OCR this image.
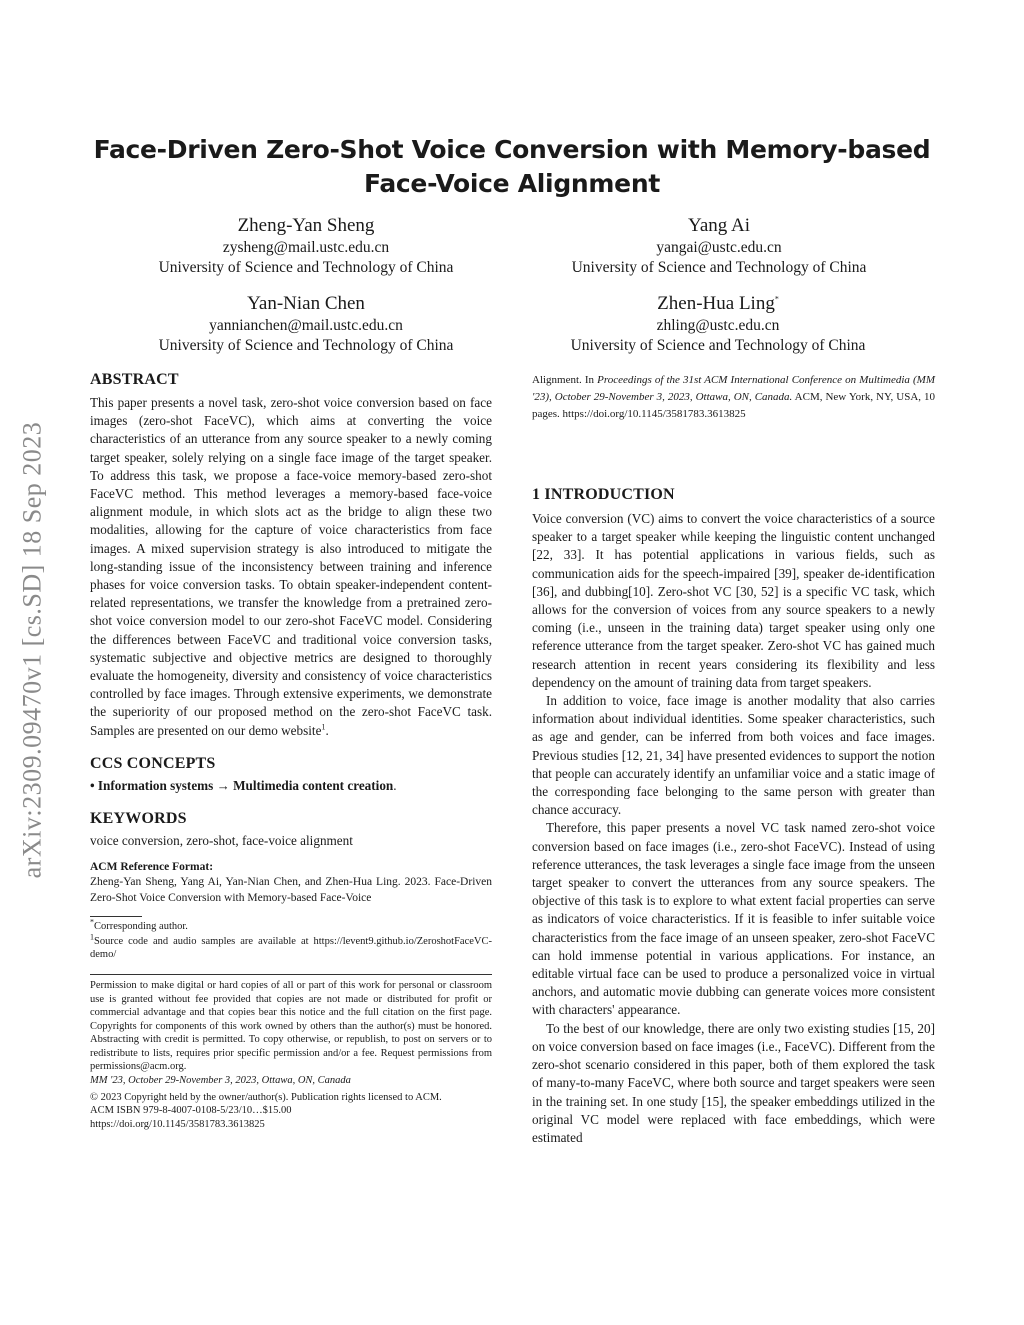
arXiv:2309.09470v1 [cs.SD] 18 Sep 2023
Face-Driven Zero-Shot Voice Conversion with Memory-based
Face-Voice Alignment
Zheng-Yan Sheng
zysheng@mail.ustc.edu.cn
University of Science and Technology of China
Yang Ai
yangai@ustc.edu.cn
University of Science and Technology of China
Yan-Nian Chen
yannianchen@mail.ustc.edu.cn
University of Science and Technology of China
Zhen-Hua Ling*
zhling@ustc.edu.cn
University of Science and Technology of China
ABSTRACT

This paper presents a novel task, zero-shot voice conversion based on face images (zero-shot FaceVC), which aims at converting the voice characteristics of an utterance from any source speaker to a newly coming target speaker, solely relying on a single face image of the target speaker. To address this task, we propose a face-voice memory-based zero-shot FaceVC method. This method leverages a memory-based face-voice alignment module, in which slots act as the bridge to align these two modalities, allowing for the capture of voice characteristics from face images. A mixed supervision strategy is also introduced to mitigate the long-standing issue of the inconsistency between training and inference phases for voice conversion tasks. To obtain speaker-independent content-related representations, we transfer the knowledge from a pretrained zero-shot voice conversion model to our zero-shot FaceVC model. Considering the differences between FaceVC and traditional voice conversion tasks, systematic subjective and objective metrics are designed to thoroughly evaluate the homogeneity, diversity and consistency of voice characteristics controlled by face images. Through extensive experiments, we demonstrate the superiority of our proposed method on the zero-shot FaceVC task. Samples are presented on our demo website$^1$.

CCS CONCEPTS

• Information systems → Multimedia content creation.

KEYWORDS

voice conversion, zero-shot, face-voice alignment

ACM Reference Format:

Zheng-Yan Sheng, Yang Ai, Yan-Nian Chen, and Zhen-Hua Ling. 2023. Face-Driven Zero-Shot Voice Conversion with Memory-based Face-Voice

*Corresponding author.

$^1$Source code and audio samples are available at https://levent9.github.io/ZeroshotFaceVC-demo/

Permission to make digital or hard copies of all or part of this work for personal or classroom use is granted without fee provided that copies are not made or distributed for profit or commercial advantage and that copies bear this notice and the full citation on the first page. Copyrights for components of this work owned by others than the author(s) must be honored. Abstracting with credit is permitted. To copy otherwise, or republish, to post on servers or to redistribute to lists, requires prior specific permission and/or a fee. Request permissions from permissions@acm.org.

MM '23, October 29-November 3, 2023, Ottawa, ON, Canada

© 2023 Copyright held by the owner/author(s). Publication rights licensed to ACM.

ACM ISBN 979-8-4007-0108-5/23/10…$15.00

https://doi.org/10.1145/3581783.3613825

Alignment. In Proceedings of the 31st ACM International Conference on Multimedia (MM '23), October 29-November 3, 2023, Ottawa, ON, Canada. ACM, New York, NY, USA, 10 pages. https://doi.org/10.1145/3581783.3613825

1 INTRODUCTION

Voice conversion (VC) aims to convert the voice characteristics of a source speaker to a target speaker while keeping the linguistic content unchanged [22, 33]. It has potential applications in various fields, such as communication aids for the speech-impaired [39], speaker de-identification [36], and dubbing[10]. Zero-shot VC [30, 52] is a specific VC task, which allows for the conversion of voices from any source speakers to a newly coming (i.e., unseen in the training data) target speaker using only one reference utterance from the target speaker. Zero-shot VC has gained much research attention in recent years considering its flexibility and less dependency on the amount of training data from target speakers.

In addition to voice, face image is another modality that also carries information about individual identities. Some speaker characteristics, such as age and gender, can be inferred from both voices and face images. Previous studies [12, 21, 34] have presented evidences to support the notion that people can accurately identify an unfamiliar voice and a static image of the corresponding face belonging to the same person with greater than chance accuracy.

Therefore, this paper presents a novel VC task named zero-shot voice conversion based on face images (i.e., zero-shot FaceVC). Instead of using reference utterances, the task leverages a single face image from the unseen target speaker to convert the utterances from any source speakers. The objective of this task is to explore to what extent facial properties can serve as indicators of voice characteristics. If it is feasible to infer suitable voice characteristics from the face image of an unseen speaker, zero-shot FaceVC can hold immense potential in various applications. For instance, an editable virtual face can be used to produce a personalized voice in virtual anchors, and automatic movie dubbing can generate voices more consistent with characters' appearance.

To the best of our knowledge, there are only two existing studies [15, 20] on voice conversion based on face images (i.e., FaceVC). Different from the zero-shot scenario considered in this paper, both of them explored the task of many-to-many FaceVC, where both source and target speakers were seen in the training set. In one study [15], the speaker embeddings utilized in the original VC model were replaced with face embeddings, which were estimated
